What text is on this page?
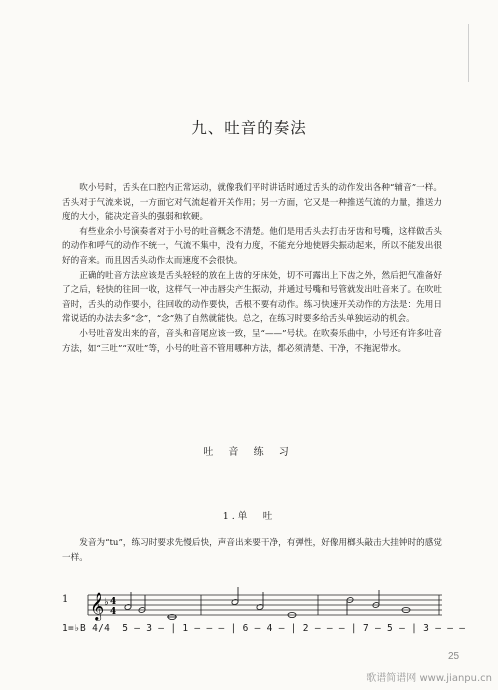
九、吐音的奏法

吹小号时，舌头在口腔内正常运动，就像我们平时讲话时通过舌头的动作发出各种“辅音”一样。舌头对于气流来说，一方面它对气流起着开关作用；另一方面，它又是一种推送气流的力量，推送力度的大小，能决定音头的强弱和软硬。

有些业余小号演奏者对于小号的吐音概念不清楚。他们是用舌头去打击牙齿和号嘴，这样做舌头的动作和呼气的动作不统一，气流不集中，没有力度，不能充分地使唇尖振动起来，所以不能发出很好的音来。而且因舌头动作太而速度不会很快。

正确的吐音方法应该是舌头轻轻的放在上齿的牙床处，切不可露出上下齿之外，然后把气准备好了之后，轻快的往回一收，这样气一冲击唇尖产生振动，并通过号嘴和号管就发出吐音来了。在吹吐音时，舌头的动作要小，往回收的动作要快，舌根不要有动作。练习快速开关动作的方法是：先用日常说话的办法去多“念”，“念”熟了自然就能快。总之，在练习时要多给舌头单独运动的机会。

小号吐音发出来的音，音头和音尾应该一致，呈“——”号状。在吹奏乐曲中，小号还有许多吐音方法，如“三吐”“双吐”等，小号的吐音不管用哪种方法，都必须清楚、干净，不拖泥带水。

吐 音 练 习
1.单　吐

发音为“tu”，练习时要求先慢后快，声音出来要干净，有弹性，好像用榔头敲击大挂钟时的感觉一样。

1 𝄞 ♭ 4
4
1=♭B 4/4  5 – 3 – | 1 – – – | 6 – 4 – | 2 – – – | 7 – 5 – | 3 – – –
25
歌谱简谱网 www.jianpu.cn
